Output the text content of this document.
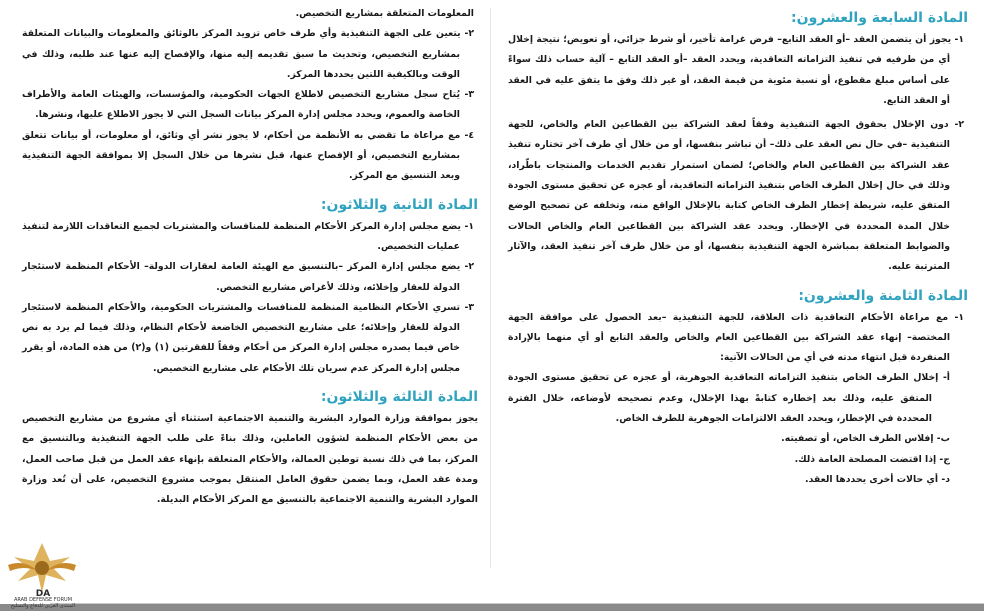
المادة السابعة والعشرون:

١- يجوز أن يتضمن العقد –أو العقد التابع– فرض غرامة تأخير، أو شرط جزائي، أو تعويض؛ نتيجة إخلال أي من طرفيه في تنفيذ التزاماته التعاقدية، ويحدد العقد –أو العقد التابع – آلية حساب ذلك سواءً على أساس مبلغ مقطوع، أو نسبة مئوية من قيمة العقد، أو غير ذلك وفق ما يتفق عليه في العقد أو العقد التابع.

٢- دون الإخلال بحقوق الجهة التنفيذية وفقاً لعقد الشراكة بين القطاعين العام والخاص، للجهة التنفيذية –في حال نص العقد على ذلك– أن تباشر بنفسها، أو من خلال أي طرف آخر تختاره تنفيذ عقد الشراكة بين القطاعين العام والخاص؛ لضمان استمرار تقديم الخدمات والمنتجات باطّراد، وذلك في حال إخلال الطرف الخاص بتنفيذ التزاماته التعاقدية، أو عجزه عن تحقيق مستوى الجودة المتفق عليه، شريطة إخطار الطرف الخاص كتابة بالإخلال الواقع منه، وتخلفه عن تصحيح الوضع خلال المدة المحددة في الإخطار. ويحدد عقد الشراكة بين القطاعين العام والخاص الحالات والضوابط المتعلقة بمباشرة الجهة التنفيذية بنفسها، أو من خلال طرف آخر تنفيذ العقد، والآثار المترتبة عليه.

المادة الثامنة والعشرون:

١- مع مراعاة الأحكام التعاقدية ذات العلاقة، للجهة التنفيذية –بعد الحصول على موافقة الجهة المختصة– إنهاء عقد الشراكة بين القطاعين العام والخاص والعقد التابع أو أي منهما بالإرادة المنفردة قبل انتهاء مدته في أي من الحالات الآتية:

أ- إخلال الطرف الخاص بتنفيذ التزاماته التعاقدية الجوهرية، أو عجزه عن تحقيق مستوى الجودة المتفق عليه، وذلك بعد إخطاره كتابةً بهذا الإخلال، وعدم تصحيحه لأوضاعه، خلال الفترة المحددة في الإخطار، ويحدد العقد الالتزامات الجوهرية للطرف الخاص.

ب- إفلاس الطرف الخاص، أو تصفيته.

ج- إذا اقتضت المصلحة العامة ذلك.

د- أي حالات أخرى يحددها العقد.

المعلومات المتعلقة بمشاريع التخصيص.

٢- يتعين على الجهة التنفيذية وأي طرف خاص تزويد المركز بالوثائق والمعلومات والبيانات المتعلقة بمشاريع التخصيص، وتحديث ما سبق تقديمه إليه منها، والإفصاح إليه عنها عند طلبه، وذلك في الوقت وبالكيفية اللتين يحددها المركز.

٣- يُتاح سجل مشاريع التخصيص لاطلاع الجهات الحكومية، والمؤسسات، والهيئات العامة والأطراف الخاصة والعموم، ويحدد مجلس إدارة المركز بيانات السجل التي لا يجوز الاطلاع عليها، ونشرها.

٤- مع مراعاة ما تقضي به الأنظمة من أحكام، لا يجوز نشر أي وثائق، أو معلومات، أو بيانات تتعلق بمشاريع التخصيص، أو الإفصاح عنها، قبل نشرها من خلال السجل إلا بموافقة الجهة التنفيذية وبعد التنسيق مع المركز.

المادة الثانية والثلاثون:

١- يضع مجلس إدارة المركز الأحكام المنظمة للمنافسات والمشتريات لجميع التعاقدات اللازمة لتنفيذ عمليات التخصيص.

٢- يضع مجلس إدارة المركز –بالتنسيق مع الهيئة العامة لعقارات الدولة– الأحكام المنظمة لاستئجار الدولة للعقار وإخلائه، وذلك لأغراض مشاريع التخصص.

٣- تسري الأحكام النظامية المنظمة للمنافسات والمشتريات الحكومية، والأحكام المنظمة لاستئجار الدولة للعقار وإخلائه؛ على مشاريع التخصيص الخاضعة لأحكام النظام، وذلك فيما لم يرد به نص خاص فيما يصدره مجلس إدارة المركز من أحكام وفقاً للفقرتين (١) و(٢) من هذه المادة، أو يقرر مجلس إدارة المركز عدم سريان تلك الأحكام على مشاريع التخصيص.

المادة الثالثة والثلاثون:

يجوز بموافقة وزارة الموارد البشرية والتنمية الاجتماعية استثناء أي مشروع من مشاريع التخصيص من بعض الأحكام المنظمة لشؤون العاملين، وذلك بناءً على طلب الجهة التنفيذية وبالتنسيق مع المركز، بما في ذلك نسبة توطين العمالة، والأحكام المتعلقة بإنهاء عقد العمل من قبل صاحب العمل، ومدة عقد العمل، وبما يضمن حقوق العامل المنتقل بموجب مشروع التخصيص، على أن تُعد وزارة الموارد البشرية والتنمية الاجتماعية بالتنسيق مع المركز الأحكام البديلة.

DA
ARAB DEFENSE FORUM
المنتدى العربي للدفاع والتسليح
